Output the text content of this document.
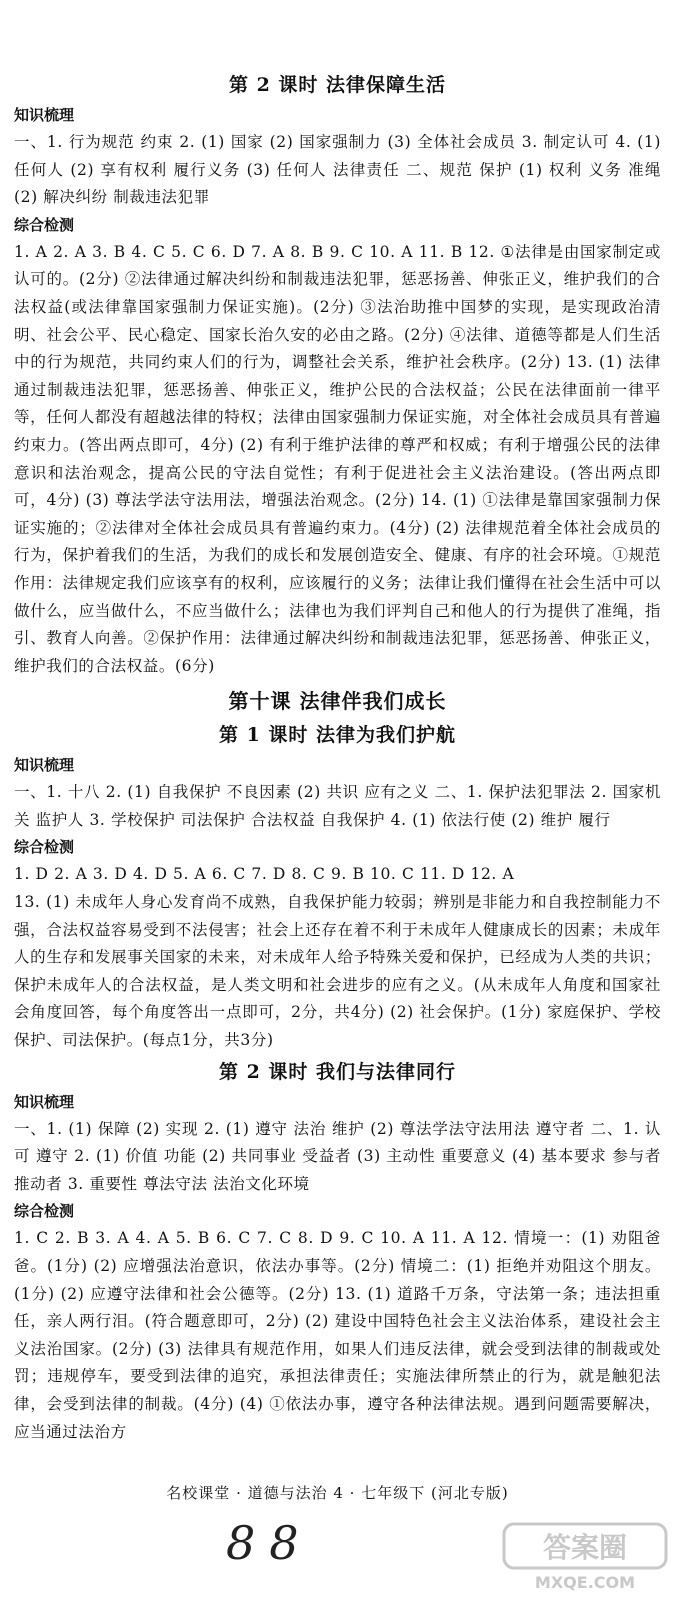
第 2 课时 法律保障生活

知识梳理

一、1. 行为规范 约束 2. (1) 国家 (2) 国家强制力 (3) 全体社会成员 3. 制定认可 4. (1) 任何人 (2) 享有权利 履行义务 (3) 任何人 法律责任 二、规范 保护 (1) 权利 义务 准绳 (2) 解决纠纷 制裁违法犯罪

综合检测

1. A 2. A 3. B 4. C 5. C 6. D 7. A 8. B 9. C 10. A 11. B 12. ①法律是由国家制定或认可的。(2分) ②法律通过解决纠纷和制裁违法犯罪，惩恶扬善、伸张正义，维护我们的合法权益(或法律靠国家强制力保证实施)。(2分) ③法治助推中国梦的实现，是实现政治清明、社会公平、民心稳定、国家长治久安的必由之路。(2分) ④法律、道德等都是人们生活中的行为规范，共同约束人们的行为，调整社会关系，维护社会秩序。(2分) 13. (1) 法律通过制裁违法犯罪，惩恶扬善、伸张正义，维护公民的合法权益；公民在法律面前一律平等，任何人都没有超越法律的特权；法律由国家强制力保证实施，对全体社会成员具有普遍约束力。(答出两点即可，4分) (2) 有利于维护法律的尊严和权威；有利于增强公民的法律意识和法治观念，提高公民的守法自觉性；有利于促进社会主义法治建设。(答出两点即可，4分) (3) 尊法学法守法用法，增强法治观念。(2分) 14. (1) ①法律是靠国家强制力保证实施的；②法律对全体社会成员具有普遍约束力。(4分) (2) 法律规范着全体社会成员的行为，保护着我们的生活，为我们的成长和发展创造安全、健康、有序的社会环境。①规范作用：法律规定我们应该享有的权利，应该履行的义务；法律让我们懂得在社会生活中可以做什么，应当做什么，不应当做什么；法律也为我们评判自己和他人的行为提供了准绳，指引、教育人向善。②保护作用：法律通过解决纠纷和制裁违法犯罪，惩恶扬善、伸张正义，维护我们的合法权益。(6分)

第十课 法律伴我们成长
第 1 课时 法律为我们护航

知识梳理

一、1. 十八 2. (1) 自我保护 不良因素 (2) 共识 应有之义 二、1. 保护法犯罪法 2. 国家机关 监护人 3. 学校保护 司法保护 合法权益 自我保护 4. (1) 依法行使 (2) 维护 履行

综合检测

1. D 2. A 3. D 4. D 5. A 6. C 7. D 8. C 9. B 10. C 11. D 12. A
13. (1) 未成年人身心发育尚不成熟，自我保护能力较弱；辨别是非能力和自我控制能力不强，合法权益容易受到不法侵害；社会上还存在着不利于未成年人健康成长的因素；未成年人的生存和发展事关国家的未来，对未成年人给予特殊关爱和保护，已经成为人类的共识；保护未成年人的合法权益，是人类文明和社会进步的应有之义。(从未成年人角度和国家社会角度回答，每个角度答出一点即可，2分，共4分) (2) 社会保护。(1分) 家庭保护、学校保护、司法保护。(每点1分，共3分)

第 2 课时 我们与法律同行

知识梳理

一、1. (1) 保障 (2) 实现 2. (1) 遵守 法治 维护 (2) 尊法学法守法用法 遵守者 二、1. 认可 遵守 2. (1) 价值 功能 (2) 共同事业 受益者 (3) 主动性 重要意义 (4) 基本要求 参与者 推动者 3. 重要性 尊法守法 法治文化环境

综合检测

1. C 2. B 3. A 4. A 5. B 6. C 7. C 8. D 9. C 10. A 11. A 12. 情境一：(1) 劝阻爸爸。(1分) (2) 应增强法治意识，依法办事等。(2分) 情境二：(1) 拒绝并劝阻这个朋友。(1分) (2) 应遵守法律和社会公德等。(2分) 13. (1) 道路千万条，守法第一条；违法担重任，亲人两行泪。(符合题意即可，2分) (2) 建设中国特色社会主义法治体系，建设社会主义法治国家。(2分) (3) 法律具有规范作用，如果人们违反法律，就会受到法律的制裁或处罚；违规停车，要受到法律的追究，承担法律责任；实施法律所禁止的行为，就是触犯法律，会受到法律的制裁。(4分) (4) ①依法办事，遵守各种法律法规。遇到问题需要解决，应当通过法治方

名校课堂 · 道德与法治 4 · 七年级下 (河北专版)
88	答案圈
MXQE.COM
